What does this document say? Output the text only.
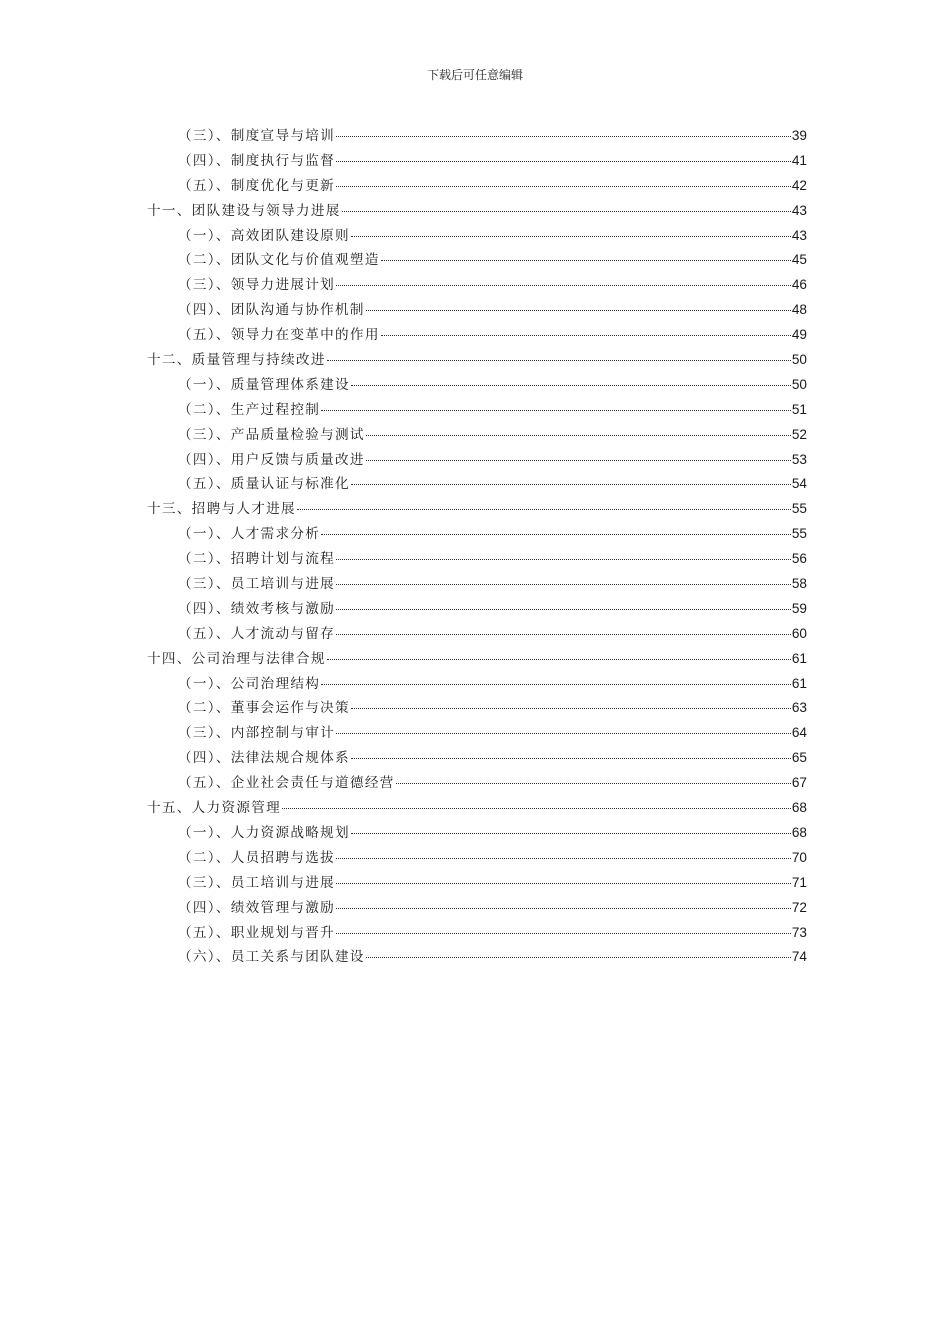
下载后可任意编辑
（三）、制度宣导与培训	39
（四）、制度执行与监督	41
（五）、制度优化与更新	42
十一、团队建设与领导力进展	43
（一）、高效团队建设原则	43
（二）、团队文化与价值观塑造	45
（三）、领导力进展计划	46
（四）、团队沟通与协作机制	48
（五）、领导力在变革中的作用	49
十二、质量管理与持续改进	50
（一）、质量管理体系建设	50
（二）、生产过程控制	51
（三）、产品质量检验与测试	52
（四）、用户反馈与质量改进	53
（五）、质量认证与标准化	54
十三、招聘与人才进展	55
（一）、人才需求分析	55
（二）、招聘计划与流程	56
（三）、员工培训与进展	58
（四）、绩效考核与激励	59
（五）、人才流动与留存	60
十四、公司治理与法律合规	61
（一）、公司治理结构	61
（二）、董事会运作与决策	63
（三）、内部控制与审计	64
（四）、法律法规合规体系	65
（五）、企业社会责任与道德经营	67
十五、人力资源管理	68
（一）、人力资源战略规划	68
（二）、人员招聘与选拔	70
（三）、员工培训与进展	71
（四）、绩效管理与激励	72
（五）、职业规划与晋升	73
（六）、员工关系与团队建设	74
